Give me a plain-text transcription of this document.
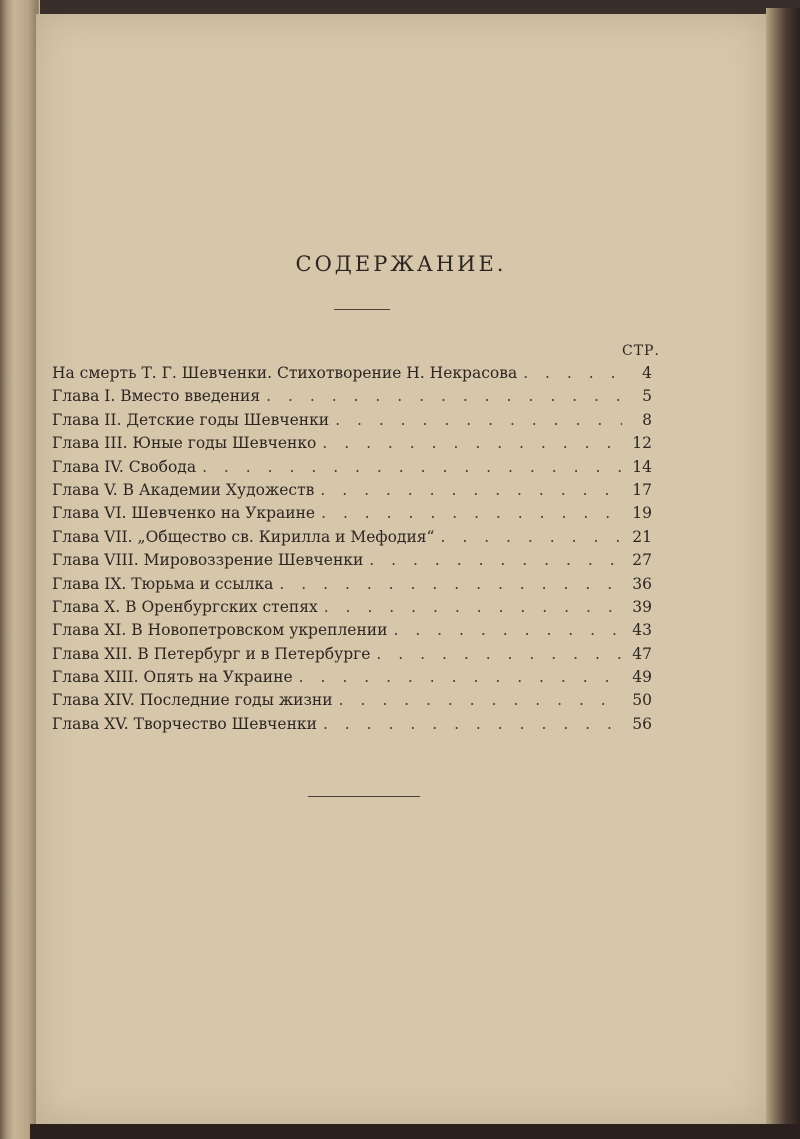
СОДЕРЖАНИЕ.
СТР.
На смерть Т. Г. Шевченки. Стихотворение Н. Некрасова . . .	4
Глава I. Вместо введения . . .	5
Глава II. Детские годы Шевченки . . .	8
Глава III. Юные годы Шевченко . . .	12
Глава IV. Свобода . . .	14
Глава V. В Академии Художеств . . .	17
Глава VI. Шевченко на Украине . . .	19
Глава VII. „Общество св. Кирилла и Мефодия“ . . .	21
Глава VIII. Мировоззрение Шевченки . . .	27
Глава IX. Тюрьма и ссылка . . .	36
Глава X. В Оренбургских степях . . .	39
Глава XI. В Новопетровском укреплении . . .	43
Глава XII. В Петербург и в Петербурге . . .	47
Глава XIII. Опять на Украине . . .	49
Глава XIV. Последние годы жизни . . .	50
Глава XV. Творчество Шевченки . . .	56
